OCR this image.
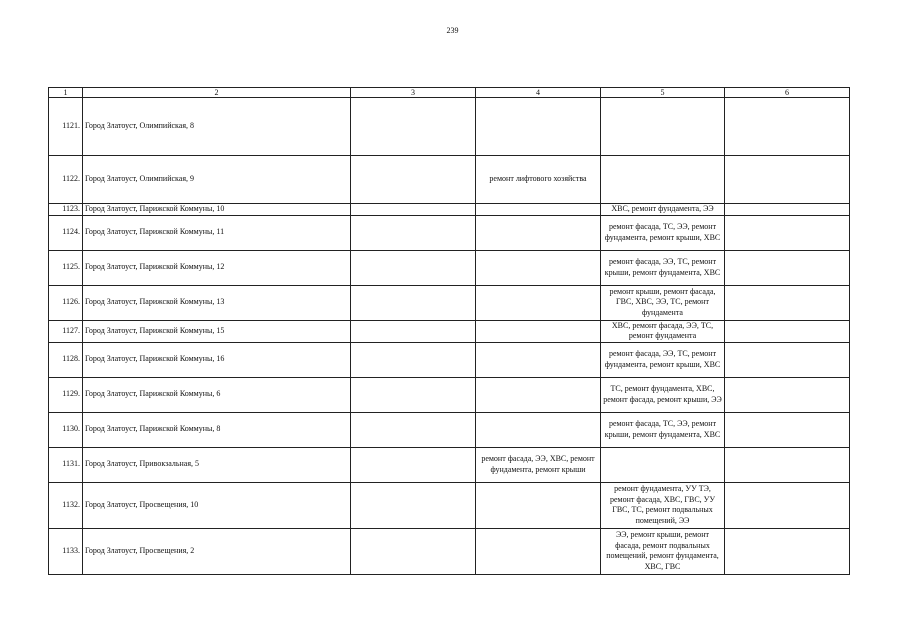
239
1	2	3	4	5	6
1121.	Город Златоуст, Олимпийская, 8				
1122.	Город Златоуст, Олимпийская, 9		ремонт лифтового хозяйства		
1123.	Город Златоуст, Парижской Коммуны, 10			ХВС, ремонт фундамента, ЭЭ	
1124.	Город Златоуст, Парижской Коммуны, 11			ремонт фасада, ТС, ЭЭ, ремонт фундамента, ремонт крыши, ХВС	
1125.	Город Златоуст, Парижской Коммуны, 12			ремонт фасада, ЭЭ, ТС, ремонт крыши, ремонт фундамента, ХВС	
1126.	Город Златоуст, Парижской Коммуны, 13			ремонт крыши, ремонт фасада, ГВС, ХВС, ЭЭ, ТС, ремонт фундамента	
1127.	Город Златоуст, Парижской Коммуны, 15			ХВС, ремонт фасада, ЭЭ, ТС, ремонт фундамента	
1128.	Город Златоуст, Парижской Коммуны, 16			ремонт фасада, ЭЭ, ТС, ремонт фундамента, ремонт крыши, ХВС	
1129.	Город Златоуст, Парижской Коммуны, 6			ТС, ремонт фундамента, ХВС, ремонт фасада, ремонт крыши, ЭЭ	
1130.	Город Златоуст, Парижской Коммуны, 8			ремонт фасада, ТС, ЭЭ, ремонт крыши, ремонт фундамента, ХВС	
1131.	Город Златоуст, Привокзальная, 5		ремонт фасада, ЭЭ, ХВС, ремонт фундамента, ремонт крыши		
1132.	Город Златоуст, Просвещения, 10			ремонт фундамента, УУ ТЭ, ремонт фасада, ХВС, ГВС, УУ ГВС, ТС, ремонт подвальных помещений, ЭЭ	
1133.	Город Златоуст, Просвещения, 2			ЭЭ, ремонт крыши, ремонт фасада, ремонт подвальных помещений, ремонт фундамента, ХВС, ГВС	
